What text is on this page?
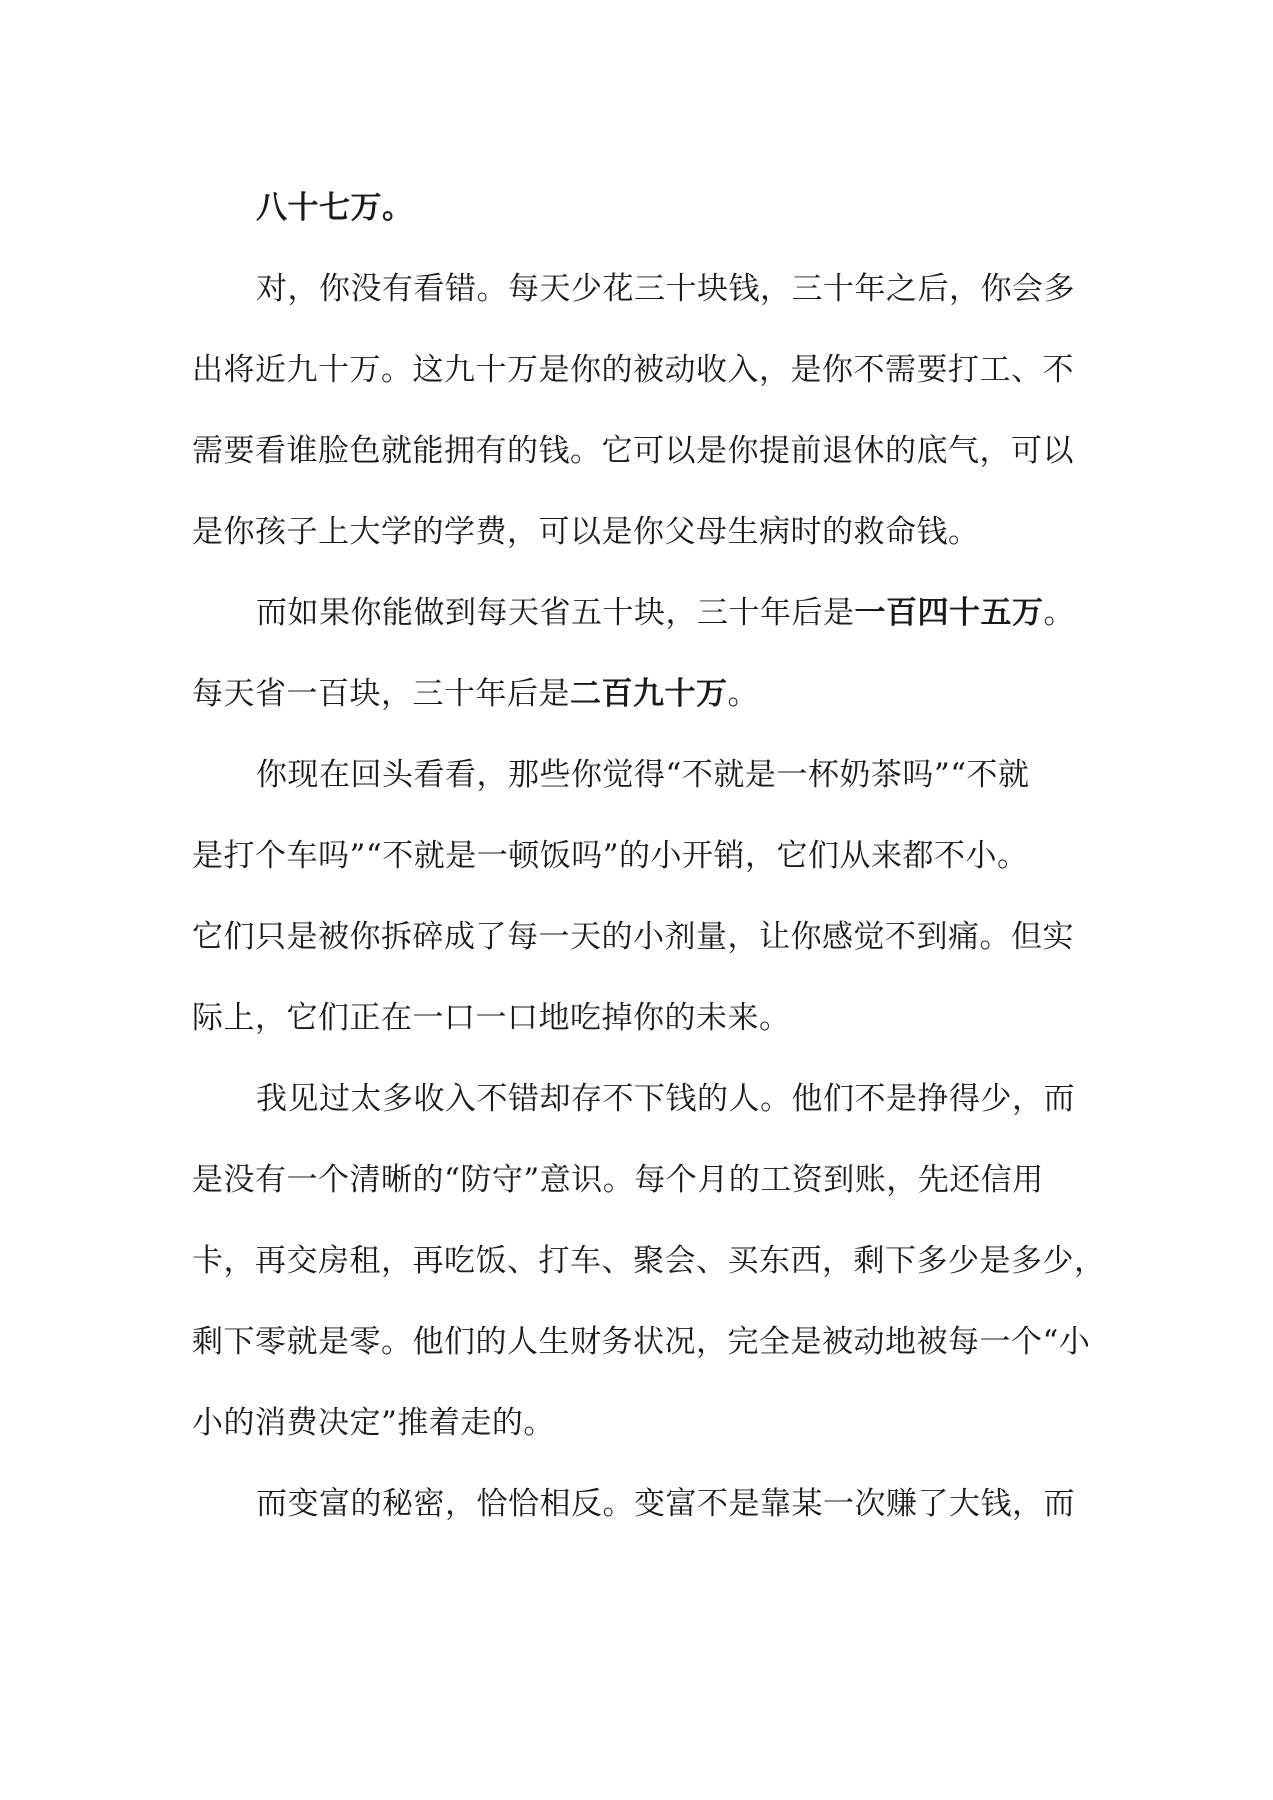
八十七万。
对，你没有看错。每天少花三十块钱，三十年之后，你会多
出将近九十万。这九十万是你的被动收入，是你不需要打工、不
需要看谁脸色就能拥有的钱。它可以是你提前退休的底气，可以
是你孩子上大学的学费，可以是你父母生病时的救命钱。
而如果你能做到每天省五十块，三十年后是一百四十五万。
每天省一百块，三十年后是二百九十万。
你现在回头看看，那些你觉得“不就是一杯奶茶吗”“不就
是打个车吗”“不就是一顿饭吗”的小开销，它们从来都不小。
它们只是被你拆碎成了每一天的小剂量，让你感觉不到痛。但实
际上，它们正在一口一口地吃掉你的未来。
我见过太多收入不错却存不下钱的人。他们不是挣得少，而
是没有一个清晰的“防守”意识。每个月的工资到账，先还信用
卡，再交房租，再吃饭、打车、聚会、买东西，剩下多少是多少，
剩下零就是零。他们的人生财务状况，完全是被动地被每一个“小
小的消费决定”推着走的。
而变富的秘密，恰恰相反。变富不是靠某一次赚了大钱，而
